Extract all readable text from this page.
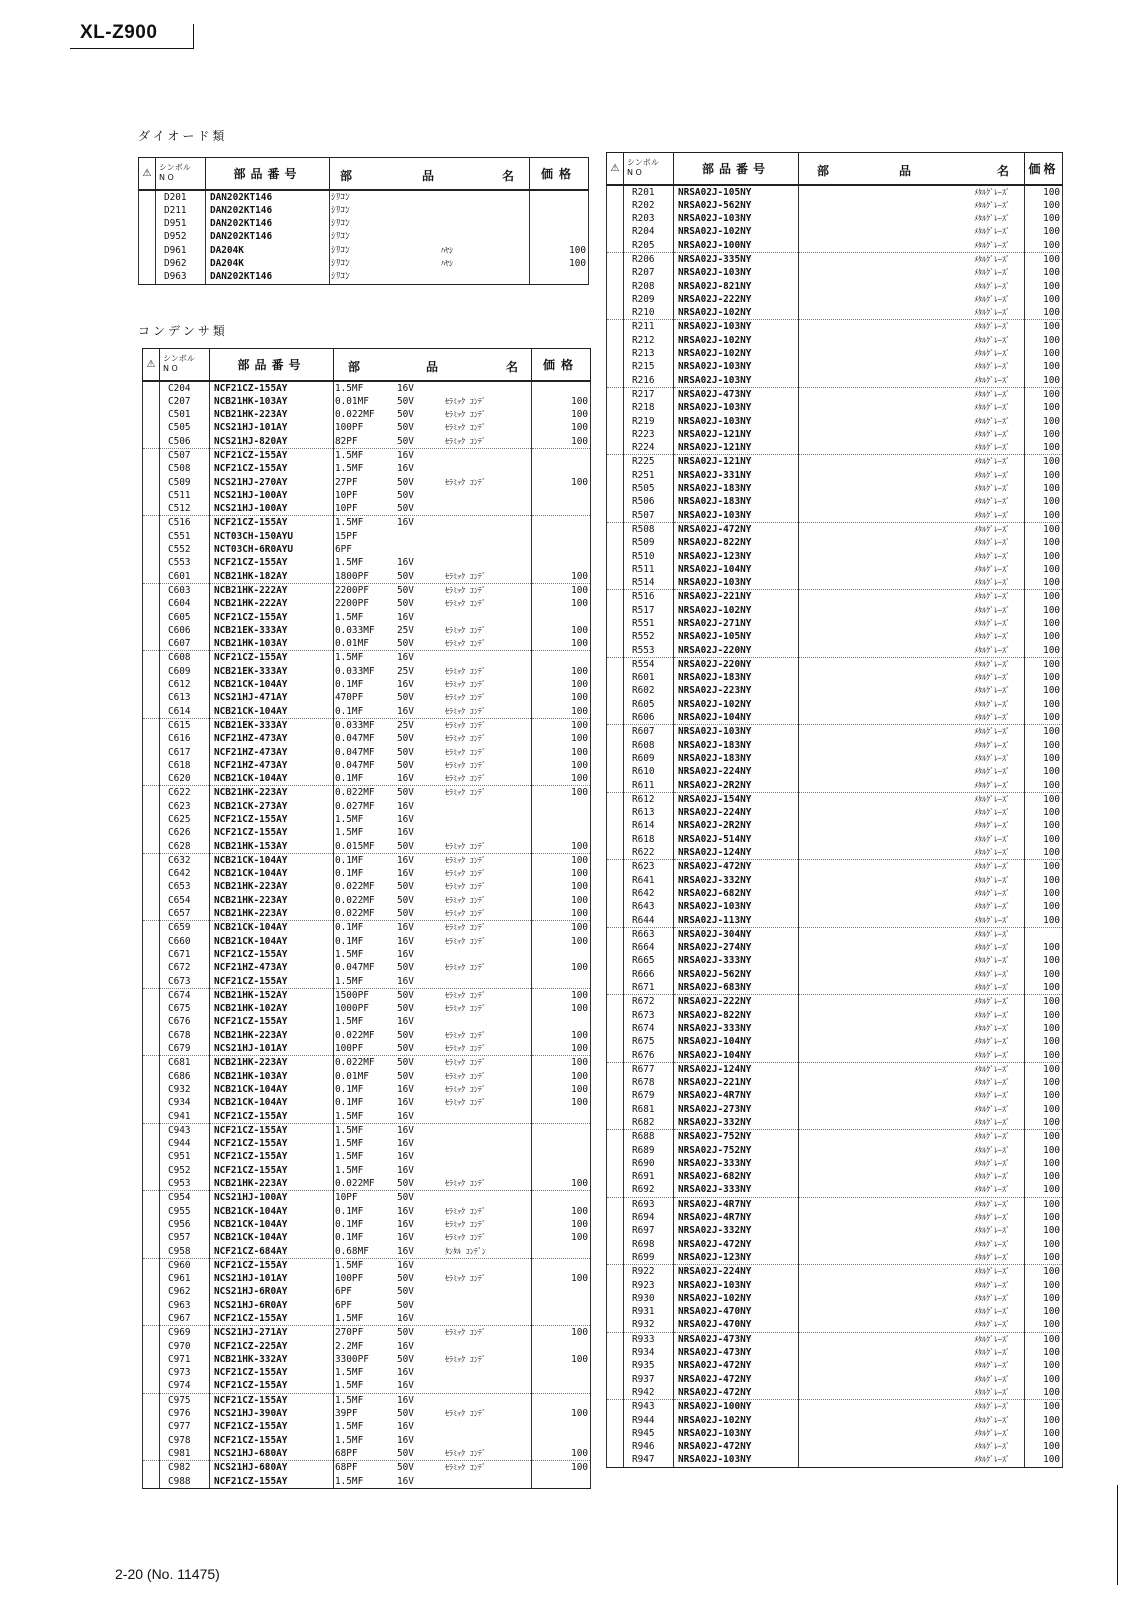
XL-Z900
ダイオード類
⚠	シンボル
N O	部品番号	部 品 名	価格
	D201	DAN202KT146	ｼﾘｺﾝ	
	D211	DAN202KT146	ｼﾘｺﾝ	
	D951	DAN202KT146	ｼﾘｺﾝ	
	D952	DAN202KT146	ｼﾘｺﾝ	
	D961	DA204K	ｼﾘｺﾝ ﾊﾔｼ	100
	D962	DA204K	ｼﾘｺﾝ ﾊﾔｼ	100
	D963	DAN202KT146	ｼﾘｺﾝ	
コンデンサ類
⚠	シンボル
N O	部品番号	部 品 名	価格
	C204	NCF21CZ-155AY	1.5MF 16V	
	C207	NCB21HK-103AY	0.01MF 50V ｾﾗﾐｯｸ ｺﾝﾃﾞ	100
	C501	NCB21HK-223AY	0.022MF 50V ｾﾗﾐｯｸ ｺﾝﾃﾞ	100
	C505	NCS21HJ-101AY	100PF 50V ｾﾗﾐｯｸ ｺﾝﾃﾞ	100
	C506	NCS21HJ-820AY	82PF 50V ｾﾗﾐｯｸ ｺﾝﾃﾞ	100
	C507	NCF21CZ-155AY	1.5MF 16V	
	C508	NCF21CZ-155AY	1.5MF 16V	
	C509	NCS21HJ-270AY	27PF 50V ｾﾗﾐｯｸ ｺﾝﾃﾞ	100
	C511	NCS21HJ-100AY	10PF 50V	
	C512	NCS21HJ-100AY	10PF 50V	
	C516	NCF21CZ-155AY	1.5MF 16V	
	C551	NCT03CH-150AYU	15PF	
	C552	NCT03CH-6R0AYU	6PF	
	C553	NCF21CZ-155AY	1.5MF 16V	
	C601	NCB21HK-182AY	1800PF 50V ｾﾗﾐｯｸ ｺﾝﾃﾞ	100
	C603	NCB21HK-222AY	2200PF 50V ｾﾗﾐｯｸ ｺﾝﾃﾞ	100
	C604	NCB21HK-222AY	2200PF 50V ｾﾗﾐｯｸ ｺﾝﾃﾞ	100
	C605	NCF21CZ-155AY	1.5MF 16V	
	C606	NCB21EK-333AY	0.033MF 25V ｾﾗﾐｯｸ ｺﾝﾃﾞ	100
	C607	NCB21HK-103AY	0.01MF 50V ｾﾗﾐｯｸ ｺﾝﾃﾞ	100
	C608	NCF21CZ-155AY	1.5MF 16V	
	C609	NCB21EK-333AY	0.033MF 25V ｾﾗﾐｯｸ ｺﾝﾃﾞ	100
	C612	NCB21CK-104AY	0.1MF 16V ｾﾗﾐｯｸ ｺﾝﾃﾞ	100
	C613	NCS21HJ-471AY	470PF 50V ｾﾗﾐｯｸ ｺﾝﾃﾞ	100
	C614	NCB21CK-104AY	0.1MF 16V ｾﾗﾐｯｸ ｺﾝﾃﾞ	100
	C615	NCB21EK-333AY	0.033MF 25V ｾﾗﾐｯｸ ｺﾝﾃﾞ	100
	C616	NCF21HZ-473AY	0.047MF 50V ｾﾗﾐｯｸ ｺﾝﾃﾞ	100
	C617	NCF21HZ-473AY	0.047MF 50V ｾﾗﾐｯｸ ｺﾝﾃﾞ	100
	C618	NCF21HZ-473AY	0.047MF 50V ｾﾗﾐｯｸ ｺﾝﾃﾞ	100
	C620	NCB21CK-104AY	0.1MF 16V ｾﾗﾐｯｸ ｺﾝﾃﾞ	100
	C622	NCB21HK-223AY	0.022MF 50V ｾﾗﾐｯｸ ｺﾝﾃﾞ	100
	C623	NCB21CK-273AY	0.027MF 16V	
	C625	NCF21CZ-155AY	1.5MF 16V	
	C626	NCF21CZ-155AY	1.5MF 16V	
	C628	NCB21HK-153AY	0.015MF 50V ｾﾗﾐｯｸ ｺﾝﾃﾞ	100
	C632	NCB21CK-104AY	0.1MF 16V ｾﾗﾐｯｸ ｺﾝﾃﾞ	100
	C642	NCB21CK-104AY	0.1MF 16V ｾﾗﾐｯｸ ｺﾝﾃﾞ	100
	C653	NCB21HK-223AY	0.022MF 50V ｾﾗﾐｯｸ ｺﾝﾃﾞ	100
	C654	NCB21HK-223AY	0.022MF 50V ｾﾗﾐｯｸ ｺﾝﾃﾞ	100
	C657	NCB21HK-223AY	0.022MF 50V ｾﾗﾐｯｸ ｺﾝﾃﾞ	100
	C659	NCB21CK-104AY	0.1MF 16V ｾﾗﾐｯｸ ｺﾝﾃﾞ	100
	C660	NCB21CK-104AY	0.1MF 16V ｾﾗﾐｯｸ ｺﾝﾃﾞ	100
	C671	NCF21CZ-155AY	1.5MF 16V	
	C672	NCF21HZ-473AY	0.047MF 50V ｾﾗﾐｯｸ ｺﾝﾃﾞ	100
	C673	NCF21CZ-155AY	1.5MF 16V	
	C674	NCB21HK-152AY	1500PF 50V ｾﾗﾐｯｸ ｺﾝﾃﾞ	100
	C675	NCB21HK-102AY	1000PF 50V ｾﾗﾐｯｸ ｺﾝﾃﾞ	100
	C676	NCF21CZ-155AY	1.5MF 16V	
	C678	NCB21HK-223AY	0.022MF 50V ｾﾗﾐｯｸ ｺﾝﾃﾞ	100
	C679	NCS21HJ-101AY	100PF 50V ｾﾗﾐｯｸ ｺﾝﾃﾞ	100
	C681	NCB21HK-223AY	0.022MF 50V ｾﾗﾐｯｸ ｺﾝﾃﾞ	100
	C686	NCB21HK-103AY	0.01MF 50V ｾﾗﾐｯｸ ｺﾝﾃﾞ	100
	C932	NCB21CK-104AY	0.1MF 16V ｾﾗﾐｯｸ ｺﾝﾃﾞ	100
	C934	NCB21CK-104AY	0.1MF 16V ｾﾗﾐｯｸ ｺﾝﾃﾞ	100
	C941	NCF21CZ-155AY	1.5MF 16V	
	C943	NCF21CZ-155AY	1.5MF 16V	
	C944	NCF21CZ-155AY	1.5MF 16V	
	C951	NCF21CZ-155AY	1.5MF 16V	
	C952	NCF21CZ-155AY	1.5MF 16V	
	C953	NCB21HK-223AY	0.022MF 50V ｾﾗﾐｯｸ ｺﾝﾃﾞ	100
	C954	NCS21HJ-100AY	10PF 50V	
	C955	NCB21CK-104AY	0.1MF 16V ｾﾗﾐｯｸ ｺﾝﾃﾞ	100
	C956	NCB21CK-104AY	0.1MF 16V ｾﾗﾐｯｸ ｺﾝﾃﾞ	100
	C957	NCB21CK-104AY	0.1MF 16V ｾﾗﾐｯｸ ｺﾝﾃﾞ	100
	C958	NCF21CZ-684AY	0.68MF 16V ﾀﾝﾀﾙ ｺﾝﾃﾞﾝ	
	C960	NCF21CZ-155AY	1.5MF 16V	
	C961	NCS21HJ-101AY	100PF 50V ｾﾗﾐｯｸ ｺﾝﾃﾞ	100
	C962	NCS21HJ-6R0AY	6PF 50V	
	C963	NCS21HJ-6R0AY	6PF 50V	
	C967	NCF21CZ-155AY	1.5MF 16V	
	C969	NCS21HJ-271AY	270PF 50V ｾﾗﾐｯｸ ｺﾝﾃﾞ	100
	C970	NCF21CZ-225AY	2.2MF 16V	
	C971	NCB21HK-332AY	3300PF 50V ｾﾗﾐｯｸ ｺﾝﾃﾞ	100
	C973	NCF21CZ-155AY	1.5MF 16V	
	C974	NCF21CZ-155AY	1.5MF 16V	
	C975	NCF21CZ-155AY	1.5MF 16V	
	C976	NCS21HJ-390AY	39PF 50V ｾﾗﾐｯｸ ｺﾝﾃﾞ	100
	C977	NCF21CZ-155AY	1.5MF 16V	
	C978	NCF21CZ-155AY	1.5MF 16V	
	C981	NCS21HJ-680AY	68PF 50V ｾﾗﾐｯｸ ｺﾝﾃﾞ	100
	C982	NCS21HJ-680AY	68PF 50V ｾﾗﾐｯｸ ｺﾝﾃﾞ	100
	C988	NCF21CZ-155AY	1.5MF 16V	
⚠	シンボル
N O	部品番号	部 品 名	価格
	R201	NRSA02J-105NY	ﾒﾀﾙｸﾞﾚｰｽﾞ	100
	R202	NRSA02J-562NY	ﾒﾀﾙｸﾞﾚｰｽﾞ	100
	R203	NRSA02J-103NY	ﾒﾀﾙｸﾞﾚｰｽﾞ	100
	R204	NRSA02J-102NY	ﾒﾀﾙｸﾞﾚｰｽﾞ	100
	R205	NRSA02J-100NY	ﾒﾀﾙｸﾞﾚｰｽﾞ	100
	R206	NRSA02J-335NY	ﾒﾀﾙｸﾞﾚｰｽﾞ	100
	R207	NRSA02J-103NY	ﾒﾀﾙｸﾞﾚｰｽﾞ	100
	R208	NRSA02J-821NY	ﾒﾀﾙｸﾞﾚｰｽﾞ	100
	R209	NRSA02J-222NY	ﾒﾀﾙｸﾞﾚｰｽﾞ	100
	R210	NRSA02J-102NY	ﾒﾀﾙｸﾞﾚｰｽﾞ	100
	R211	NRSA02J-103NY	ﾒﾀﾙｸﾞﾚｰｽﾞ	100
	R212	NRSA02J-102NY	ﾒﾀﾙｸﾞﾚｰｽﾞ	100
	R213	NRSA02J-102NY	ﾒﾀﾙｸﾞﾚｰｽﾞ	100
	R215	NRSA02J-103NY	ﾒﾀﾙｸﾞﾚｰｽﾞ	100
	R216	NRSA02J-103NY	ﾒﾀﾙｸﾞﾚｰｽﾞ	100
	R217	NRSA02J-473NY	ﾒﾀﾙｸﾞﾚｰｽﾞ	100
	R218	NRSA02J-103NY	ﾒﾀﾙｸﾞﾚｰｽﾞ	100
	R219	NRSA02J-103NY	ﾒﾀﾙｸﾞﾚｰｽﾞ	100
	R223	NRSA02J-121NY	ﾒﾀﾙｸﾞﾚｰｽﾞ	100
	R224	NRSA02J-121NY	ﾒﾀﾙｸﾞﾚｰｽﾞ	100
	R225	NRSA02J-121NY	ﾒﾀﾙｸﾞﾚｰｽﾞ	100
	R251	NRSA02J-331NY	ﾒﾀﾙｸﾞﾚｰｽﾞ	100
	R505	NRSA02J-183NY	ﾒﾀﾙｸﾞﾚｰｽﾞ	100
	R506	NRSA02J-183NY	ﾒﾀﾙｸﾞﾚｰｽﾞ	100
	R507	NRSA02J-103NY	ﾒﾀﾙｸﾞﾚｰｽﾞ	100
	R508	NRSA02J-472NY	ﾒﾀﾙｸﾞﾚｰｽﾞ	100
	R509	NRSA02J-822NY	ﾒﾀﾙｸﾞﾚｰｽﾞ	100
	R510	NRSA02J-123NY	ﾒﾀﾙｸﾞﾚｰｽﾞ	100
	R511	NRSA02J-104NY	ﾒﾀﾙｸﾞﾚｰｽﾞ	100
	R514	NRSA02J-103NY	ﾒﾀﾙｸﾞﾚｰｽﾞ	100
	R516	NRSA02J-221NY	ﾒﾀﾙｸﾞﾚｰｽﾞ	100
	R517	NRSA02J-102NY	ﾒﾀﾙｸﾞﾚｰｽﾞ	100
	R551	NRSA02J-271NY	ﾒﾀﾙｸﾞﾚｰｽﾞ	100
	R552	NRSA02J-105NY	ﾒﾀﾙｸﾞﾚｰｽﾞ	100
	R553	NRSA02J-220NY	ﾒﾀﾙｸﾞﾚｰｽﾞ	100
	R554	NRSA02J-220NY	ﾒﾀﾙｸﾞﾚｰｽﾞ	100
	R601	NRSA02J-183NY	ﾒﾀﾙｸﾞﾚｰｽﾞ	100
	R602	NRSA02J-223NY	ﾒﾀﾙｸﾞﾚｰｽﾞ	100
	R605	NRSA02J-102NY	ﾒﾀﾙｸﾞﾚｰｽﾞ	100
	R606	NRSA02J-104NY	ﾒﾀﾙｸﾞﾚｰｽﾞ	100
	R607	NRSA02J-103NY	ﾒﾀﾙｸﾞﾚｰｽﾞ	100
	R608	NRSA02J-183NY	ﾒﾀﾙｸﾞﾚｰｽﾞ	100
	R609	NRSA02J-183NY	ﾒﾀﾙｸﾞﾚｰｽﾞ	100
	R610	NRSA02J-224NY	ﾒﾀﾙｸﾞﾚｰｽﾞ	100
	R611	NRSA02J-2R2NY	ﾒﾀﾙｸﾞﾚｰｽﾞ	100
	R612	NRSA02J-154NY	ﾒﾀﾙｸﾞﾚｰｽﾞ	100
	R613	NRSA02J-224NY	ﾒﾀﾙｸﾞﾚｰｽﾞ	100
	R614	NRSA02J-2R2NY	ﾒﾀﾙｸﾞﾚｰｽﾞ	100
	R618	NRSA02J-514NY	ﾒﾀﾙｸﾞﾚｰｽﾞ	100
	R622	NRSA02J-124NY	ﾒﾀﾙｸﾞﾚｰｽﾞ	100
	R623	NRSA02J-472NY	ﾒﾀﾙｸﾞﾚｰｽﾞ	100
	R641	NRSA02J-332NY	ﾒﾀﾙｸﾞﾚｰｽﾞ	100
	R642	NRSA02J-682NY	ﾒﾀﾙｸﾞﾚｰｽﾞ	100
	R643	NRSA02J-103NY	ﾒﾀﾙｸﾞﾚｰｽﾞ	100
	R644	NRSA02J-113NY	ﾒﾀﾙｸﾞﾚｰｽﾞ	100
	R663	NRSA02J-304NY	ﾒﾀﾙｸﾞﾚｰｽﾞ	
	R664	NRSA02J-274NY	ﾒﾀﾙｸﾞﾚｰｽﾞ	100
	R665	NRSA02J-333NY	ﾒﾀﾙｸﾞﾚｰｽﾞ	100
	R666	NRSA02J-562NY	ﾒﾀﾙｸﾞﾚｰｽﾞ	100
	R671	NRSA02J-683NY	ﾒﾀﾙｸﾞﾚｰｽﾞ	100
	R672	NRSA02J-222NY	ﾒﾀﾙｸﾞﾚｰｽﾞ	100
	R673	NRSA02J-822NY	ﾒﾀﾙｸﾞﾚｰｽﾞ	100
	R674	NRSA02J-333NY	ﾒﾀﾙｸﾞﾚｰｽﾞ	100
	R675	NRSA02J-104NY	ﾒﾀﾙｸﾞﾚｰｽﾞ	100
	R676	NRSA02J-104NY	ﾒﾀﾙｸﾞﾚｰｽﾞ	100
	R677	NRSA02J-124NY	ﾒﾀﾙｸﾞﾚｰｽﾞ	100
	R678	NRSA02J-221NY	ﾒﾀﾙｸﾞﾚｰｽﾞ	100
	R679	NRSA02J-4R7NY	ﾒﾀﾙｸﾞﾚｰｽﾞ	100
	R681	NRSA02J-273NY	ﾒﾀﾙｸﾞﾚｰｽﾞ	100
	R682	NRSA02J-332NY	ﾒﾀﾙｸﾞﾚｰｽﾞ	100
	R688	NRSA02J-752NY	ﾒﾀﾙｸﾞﾚｰｽﾞ	100
	R689	NRSA02J-752NY	ﾒﾀﾙｸﾞﾚｰｽﾞ	100
	R690	NRSA02J-333NY	ﾒﾀﾙｸﾞﾚｰｽﾞ	100
	R691	NRSA02J-682NY	ﾒﾀﾙｸﾞﾚｰｽﾞ	100
	R692	NRSA02J-333NY	ﾒﾀﾙｸﾞﾚｰｽﾞ	100
	R693	NRSA02J-4R7NY	ﾒﾀﾙｸﾞﾚｰｽﾞ	100
	R694	NRSA02J-4R7NY	ﾒﾀﾙｸﾞﾚｰｽﾞ	100
	R697	NRSA02J-332NY	ﾒﾀﾙｸﾞﾚｰｽﾞ	100
	R698	NRSA02J-472NY	ﾒﾀﾙｸﾞﾚｰｽﾞ	100
	R699	NRSA02J-123NY	ﾒﾀﾙｸﾞﾚｰｽﾞ	100
	R922	NRSA02J-224NY	ﾒﾀﾙｸﾞﾚｰｽﾞ	100
	R923	NRSA02J-103NY	ﾒﾀﾙｸﾞﾚｰｽﾞ	100
	R930	NRSA02J-102NY	ﾒﾀﾙｸﾞﾚｰｽﾞ	100
	R931	NRSA02J-470NY	ﾒﾀﾙｸﾞﾚｰｽﾞ	100
	R932	NRSA02J-470NY	ﾒﾀﾙｸﾞﾚｰｽﾞ	100
	R933	NRSA02J-473NY	ﾒﾀﾙｸﾞﾚｰｽﾞ	100
	R934	NRSA02J-473NY	ﾒﾀﾙｸﾞﾚｰｽﾞ	100
	R935	NRSA02J-472NY	ﾒﾀﾙｸﾞﾚｰｽﾞ	100
	R937	NRSA02J-472NY	ﾒﾀﾙｸﾞﾚｰｽﾞ	100
	R942	NRSA02J-472NY	ﾒﾀﾙｸﾞﾚｰｽﾞ	100
	R943	NRSA02J-100NY	ﾒﾀﾙｸﾞﾚｰｽﾞ	100
	R944	NRSA02J-102NY	ﾒﾀﾙｸﾞﾚｰｽﾞ	100
	R945	NRSA02J-103NY	ﾒﾀﾙｸﾞﾚｰｽﾞ	100
	R946	NRSA02J-472NY	ﾒﾀﾙｸﾞﾚｰｽﾞ	100
	R947	NRSA02J-103NY	ﾒﾀﾙｸﾞﾚｰｽﾞ	100
2-20 (No. 11475)
